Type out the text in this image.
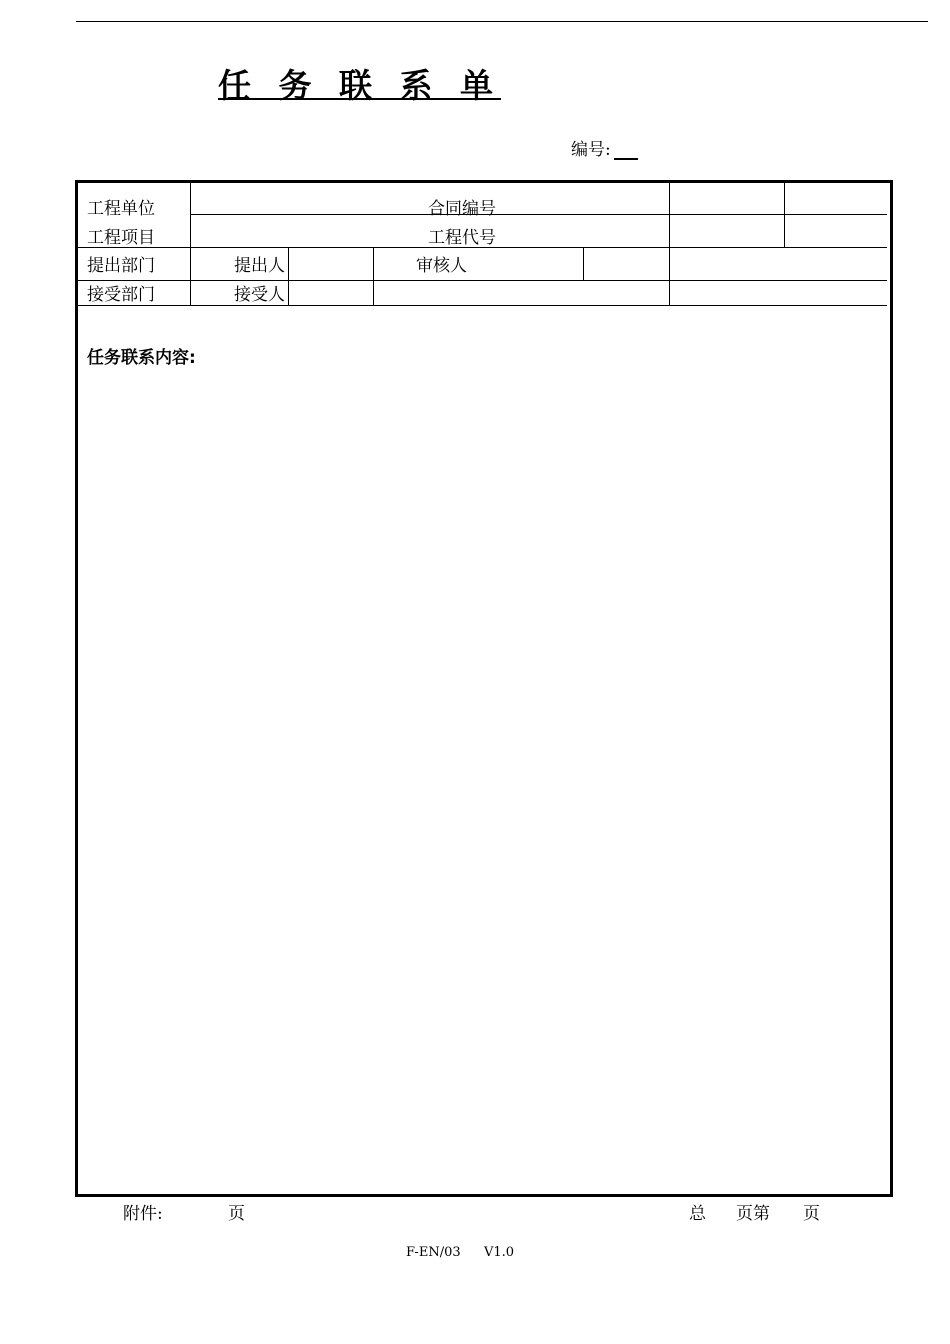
任 务 联 系 单
编号:
工程单位	合同编号
工程项目	工程代号
提出部门	提出人	审核人
接受部门	接受人
任务联系内容:
附件:	页	总 页第 页
F-EN/03 V1.0
